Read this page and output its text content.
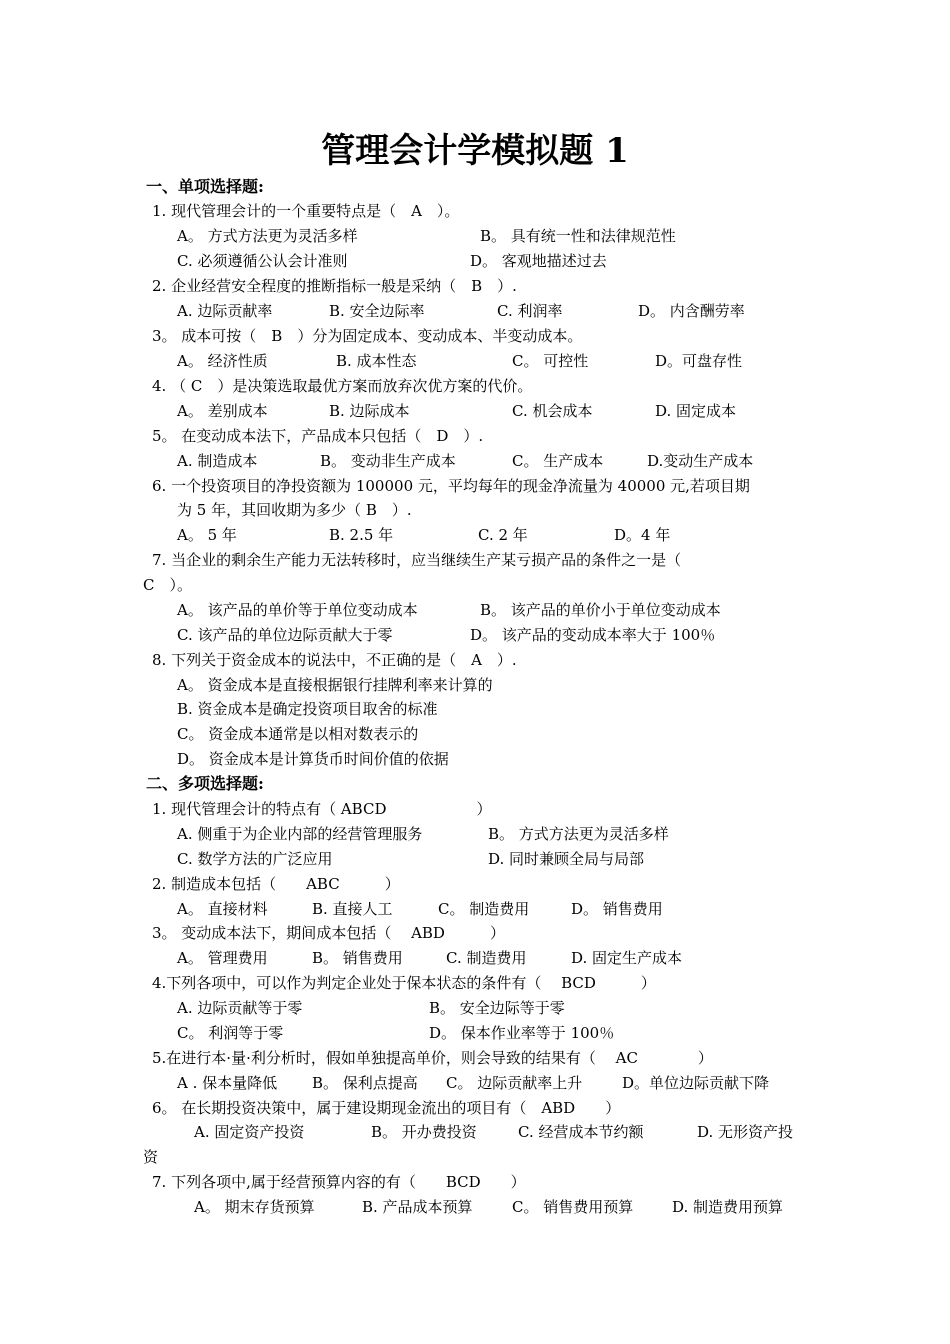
管理会计学模拟题 1
一、单项选择题:
1. 现代管理会计的一个重要特点是（　A　）。
A。 方式方法更为灵活多样	B。 具有统一性和法律规范性
C. 必须遵循公认会计准则	D。 客观地描述过去
2. 企业经营安全程度的推断指标一般是采纳（　B　）.
A. 边际贡献率	B. 安全边际率	C. 利润率	D。 内含酬劳率
3。 成本可按（　B　）分为固定成本、变动成本、半变动成本。
A。 经济性质	B. 成本性态	C。 可控性	D。可盘存性
4. （ C　）是决策选取最优方案而放弃次优方案的代价。
A。 差别成本	B. 边际成本	C. 机会成本	D. 固定成本
5。 在变动成本法下，产品成本只包括（　D　）.
A. 制造成本	B。 变动非生产成本	C。 生产成本	D.变动生产成本
6. 一个投资项目的净投资额为 100000 元，平均每年的现金净流量为 40000 元,若项目期
为 5 年，其回收期为多少（ B　）.
A。 5 年	B. 2.5 年	C. 2 年	D。4 年
7. 当企业的剩余生产能力无法转移时，应当继续生产某亏损产品的条件之一是（
C　）。
A。 该产品的单价等于单位变动成本	B。 该产品的单价小于单位变动成本
C. 该产品的单位边际贡献大于零	D。 该产品的变动成本率大于 100％
8. 下列关于资金成本的说法中，不正确的是（　A　）.
A。 资金成本是直接根据银行挂牌利率来计算的
B. 资金成本是确定投资项目取舍的标准
C。 资金成本通常是以相对数表示的
D。 资金成本是计算货币时间价值的依据
二、多项选择题:
1. 现代管理会计的特点有（ ABCD　　　　　　）
A. 侧重于为企业内部的经营管理服务	B。 方式方法更为灵活多样
C. 数学方法的广泛应用	D. 同时兼顾全局与局部
2. 制造成本包括（　　ABC　　　）
A。 直接材料	B. 直接人工	C。 制造费用	D。 销售费用
3。 变动成本法下，期间成本包括（　 ABD　　　）
A。 管理费用	B。 销售费用	C. 制造费用	D. 固定生产成本
4.下列各项中，可以作为判定企业处于保本状态的条件有（　 BCD　　　）
A. 边际贡献等于零	B。 安全边际等于零
C。 利润等于零	D。 保本作业率等于 100％
5.在进行本·量·利分析时，假如单独提高单价，则会导致的结果有（　 AC　　　　）
A . 保本量降低 B。 保利点提高 C。 边际贡献率上升	D。单位边际贡献下降
6。 在长期投资决策中，属于建设期现金流出的项目有（　ABD　　）
A. 固定资产投资	B。 开办费投资	C. 经营成本节约额	D. 无形资产投
资
7. 下列各项中,属于经营预算内容的有（　　BCD　　）
A。 期末存货预算	B. 产品成本预算	C。 销售费用预算	D. 制造费用预算
